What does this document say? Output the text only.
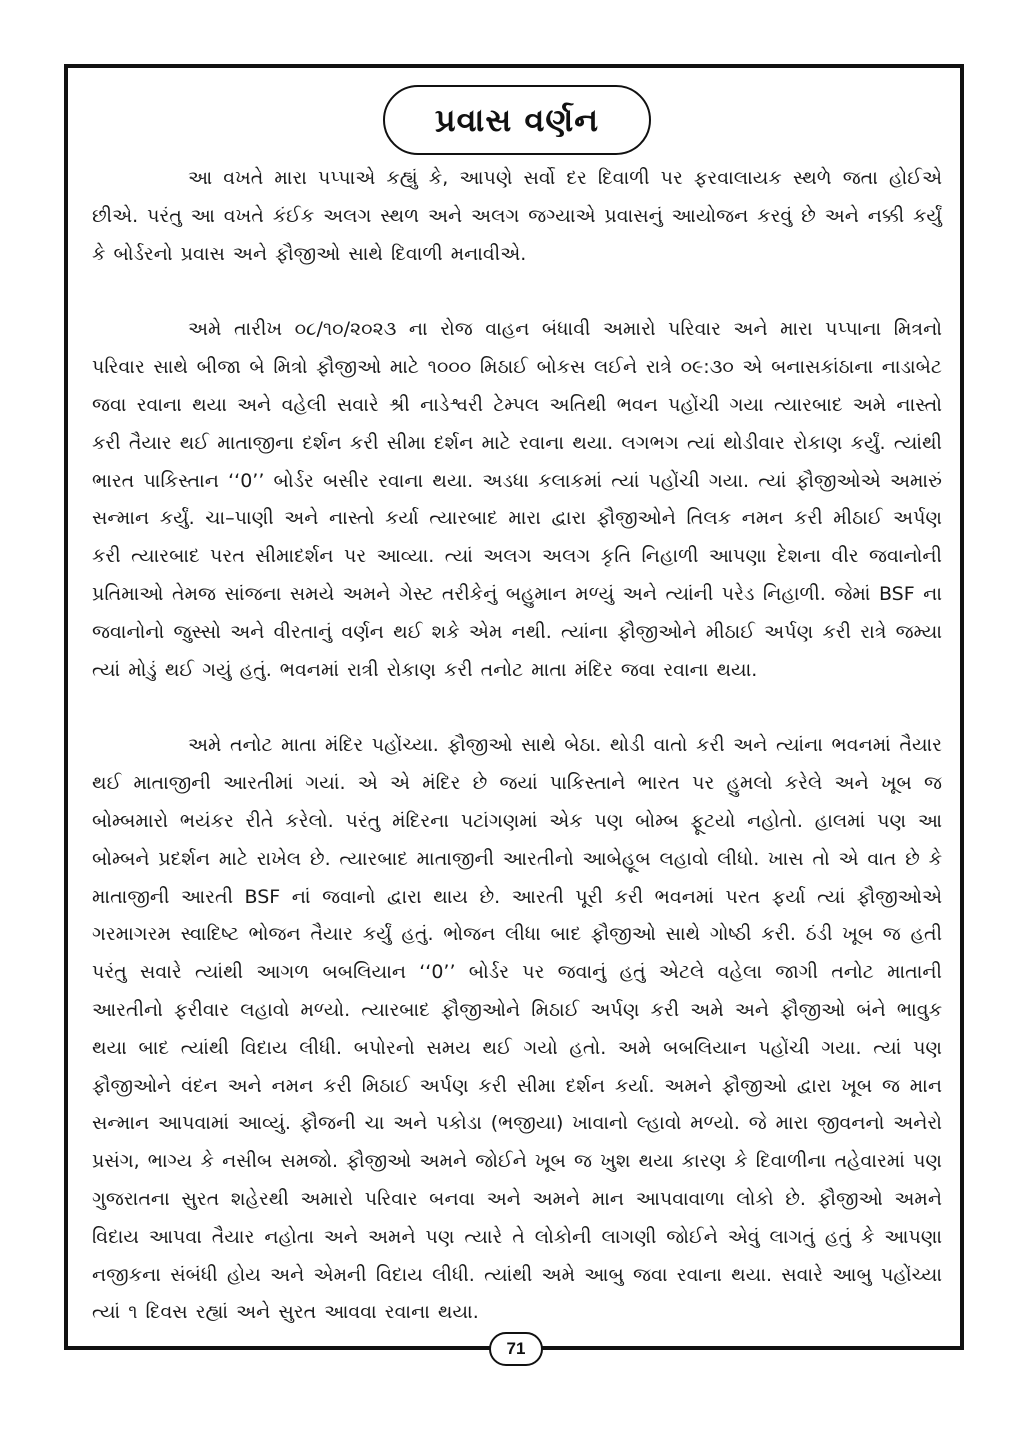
પ્રવાસ વર્ણન

આ વખતે મારા પપ્પાએ કહ્યું કે, આપણે સર્વો દર દિવાળી પર ફરવાલાયક સ્થળે જતા હોઈએ છીએ. પરંતુ આ વખતે કંઈક અલગ સ્થળ અને અલગ જગ્યાએ પ્રવાસનું આયોજન કરવું છે અને નક્કી કર્યું કે બોર્ડરનો પ્રવાસ અને ફૌજીઓ સાથે દિવાળી મનાવીએ.

અમે તારીખ ૦૮/૧૦/૨૦૨૩ ના રોજ વાહન બંધાવી અમારો પરિવાર અને મારા પપ્પાના મિત્રનો પરિવાર સાથે બીજા બે મિત્રો ફૌજીઓ માટે ૧૦૦૦ મિઠાઈ બોકસ લઈને રાત્રે ૦૯:૩૦ એ બનાસકાંઠાના નાડાબેટ જવા રવાના થયા અને વહેલી સવારે શ્રી નાડેશ્વરી ટેમ્પલ અતિથી ભવન પહોંચી ગયા ત્યારબાદ અમે નાસ્તો કરી તૈયાર થઈ માતાજીના દર્શન કરી સીમા દર્શન માટે રવાના થયા. લગભગ ત્યાં થોડીવાર રોકાણ કર્યું. ત્યાંથી ભારત પાકિસ્તાન ‘‘0’’ બોર્ડર બસીર રવાના થયા. અડધા કલાકમાં ત્યાં પહોંચી ગયા. ત્યાં ફૌજીઓએ અમારું સન્માન કર્યું. ચા–પાણી અને નાસ્તો કર્યા ત્યારબાદ મારા દ્વારા ફૌજીઓને તિલક નમન કરી મીઠાઈ અર્પણ કરી ત્યારબાદ પરત સીમાદર્શન પર આવ્યા. ત્યાં અલગ અલગ કૃતિ નિહાળી આપણા દેશના વીર જવાનોની પ્રતિમાઓ તેમજ સાંજના સમયે અમને ગેસ્ટ તરીકેનું બહુમાન મળ્યું અને ત્યાંની પરેડ નિહાળી. જેમાં BSF ના જવાનોનો જુસ્સો અને વીરતાનું વર્ણન થઈ શકે એમ નથી. ત્યાંના ફૌજીઓને મીઠાઈ અર્પણ કરી રાત્રે જમ્યા ત્યાં મોડું થઈ ગયું હતું. ભવનમાં રાત્રી રોકાણ કરી તનોટ માતા મંદિર જવા રવાના થયા.

અમે તનોટ માતા મંદિર પહોંચ્યા. ફૌજીઓ સાથે બેઠા. થોડી વાતો કરી અને ત્યાંના ભવનમાં તૈયાર થઈ માતાજીની આરતીમાં ગયાં. એ એ મંદિર છે જયાં પાકિસ્તાને ભારત પર હુમલો કરેલે અને ખૂબ જ બોમ્બમારો ભયંકર રીતે કરેલો. પરંતુ મંદિરના પટાંગણમાં એક પણ બોમ્બ ફૂટયો નહોતો. હાલમાં પણ આ બોમ્બને પ્રદર્શન માટે રાખેલ છે. ત્યારબાદ માતાજીની આરતીનો આબેહૂબ લહાવો લીધો. ખાસ તો એ વાત છે કે માતાજીની આરતી BSF નાં જવાનો દ્વારા થાય છે. આરતી પૂરી કરી ભવનમાં પરત ફર્યા ત્યાં ફૌજીઓએ ગરમાગરમ સ્વાદિષ્ટ ભોજન તૈયાર કર્યું હતું. ભોજન લીધા બાદ ફૌજીઓ સાથે ગોષ્ઠી કરી. ઠંડી ખૂબ જ હતી પરંતુ સવારે ત્યાંથી આગળ બબલિયાન ‘‘0’’ બોર્ડર પર જવાનું હતું એટલે વહેલા જાગી તનોટ માતાની આરતીનો ફરીવાર લહાવો મળ્યો. ત્યારબાદ ફૌજીઓને મિઠાઈ અર્પણ કરી અમે અને ફૌજીઓ બંને ભાવુક થયા બાદ ત્યાંથી વિદાય લીધી. બપોરનો સમય થઈ ગયો હતો. અમે બબલિયાન પહોંચી ગયા. ત્યાં પણ ફૌજીઓને વંદન અને નમન કરી મિઠાઈ અર્પણ કરી સીમા દર્શન કર્યા. અમને ફૌજીઓ દ્વારા ખૂબ જ માન સન્માન આપવામાં આવ્યું. ફૌજની ચા અને પકોડા (ભજીયા) ખાવાનો લ્હાવો મળ્યો. જે મારા જીવનનો અનેરો પ્રસંગ, ભાગ્ય કે નસીબ સમજો. ફૌજીઓ અમને જોઈને ખૂબ જ ખુશ થયા કારણ કે દિવાળીના તહેવારમાં પણ ગુજરાતના સુરત શહેરથી અમારો પરિવાર બનવા અને અમને માન આપવાવાળા લોકો છે. ફૌજીઓ અમને વિદાય આપવા તૈયાર નહોતા અને અમને પણ ત્યારે તે લોકોની લાગણી જોઈને એવું લાગતું હતું કે આપણા નજીકના સંબંધી હોય અને એમની વિદાય લીધી. ત્યાંથી અમે આબુ જવા રવાના થયા. સવારે આબુ પહોંચ્યા ત્યાં ૧ દિવસ રહ્યાં અને સુરત આવવા રવાના થયા.

71
